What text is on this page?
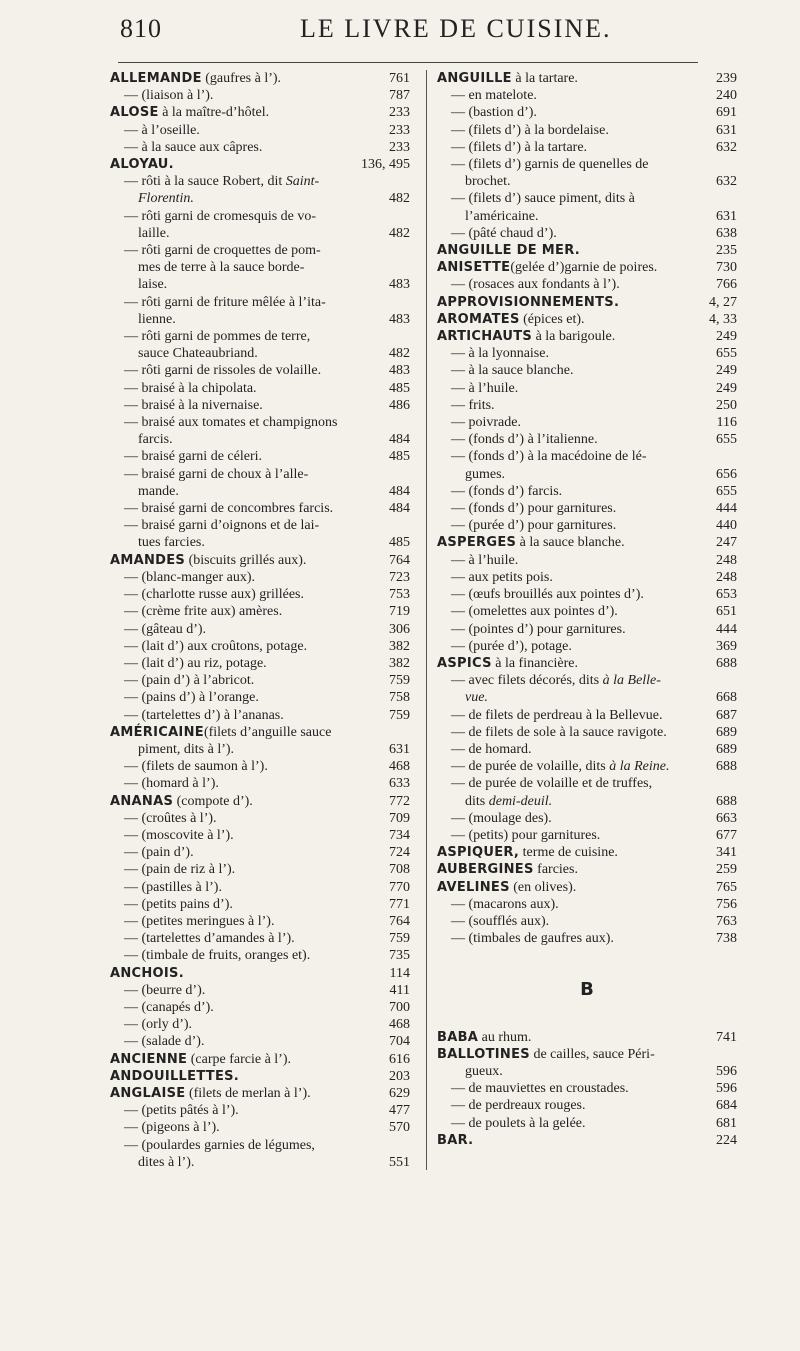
810	LE LIVRE DE CUISINE.
ALLEMANDE (gaufres à l’).	761
— (liaison à l’).	787
ALOSE à la maître-d’hôtel.	233
— à l’oseille.	233
— à la sauce aux câpres.	233
ALOYAU.	136, 495
— rôti à la sauce Robert, dit Saint-
Florentin.	482
— rôti garni de cromesquis de vo-
laille.	482
— rôti garni de croquettes de pom-
mes de terre à la sauce borde-
laise.	483
— rôti garni de friture mêlée à l’ita-
lienne.	483
— rôti garni de pommes de terre,
sauce Chateaubriand.	482
— rôti garni de rissoles de volaille.	483
— braisé à la chipolata.	485
— braisé à la nivernaise.	486
— braisé aux tomates et champignons
farcis.	484
— braisé garni de céleri.	485
— braisé garni de choux à l’alle-
mande.	484
— braisé garni de concombres farcis.	484
— braisé garni d’oignons et de lai-
tues farcies.	485
AMANDES (biscuits grillés aux).	764
— (blanc-manger aux).	723
— (charlotte russe aux) grillées.	753
— (crème frite aux) amères.	719
— (gâteau d’).	306
— (lait d’) aux croûtons, potage.	382
— (lait d’) au riz, potage.	382
— (pain d’) à l’abricot.	759
— (pains d’) à l’orange.	758
— (tartelettes d’) à l’ananas.	759
AMÉRICAINE(filets d’anguille sauce
piment, dits à l’).	631
— (filets de saumon à l’).	468
— (homard à l’).	633
ANANAS (compote d’).	772
— (croûtes à l’).	709
— (moscovite à l’).	734
— (pain d’).	724
— (pain de riz à l’).	708
— (pastilles à l’).	770
— (petits pains d’).	771
— (petites meringues à l’).	764
— (tartelettes d’amandes à l’).	759
— (timbale de fruits, oranges et).	735
ANCHOIS.	114
— (beurre d’).	411
— (canapés d’).	700
— (orly d’).	468
— (salade d’).	704
ANCIENNE (carpe farcie à l’).	616
ANDOUILLETTES.	203
ANGLAISE (filets de merlan à l’).	629
— (petits pâtés à l’).	477
— (pigeons à l’).	570
— (poulardes garnies de légumes,
dites à l’).	551
ANGUILLE à la tartare.	239
— en matelote.	240
— (bastion d’).	691
— (filets d’) à la bordelaise.	631
— (filets d’) à la tartare.	632
— (filets d’) garnis de quenelles de
brochet.	632
— (filets d’) sauce piment, dits à
l’américaine.	631
— (pâté chaud d’).	638
ANGUILLE DE MER.	235
ANISETTE(gelée d’)garnie de poires.	730
— (rosaces aux fondants à l’).	766
APPROVISIONNEMENTS.	4, 27
AROMATES (épices et).	4, 33
ARTICHAUTS à la barigoule.	249
— à la lyonnaise.	655
— à la sauce blanche.	249
— à l’huile.	249
— frits.	250
— poivrade.	116
— (fonds d’) à l’italienne.	655
— (fonds d’) à la macédoine de lé-
gumes.	656
— (fonds d’) farcis.	655
— (fonds d’) pour garnitures.	444
— (purée d’) pour garnitures.	440
ASPERGES à la sauce blanche.	247
— à l’huile.	248
— aux petits pois.	248
— (œufs brouillés aux pointes d’).	653
— (omelettes aux pointes d’).	651
— (pointes d’) pour garnitures.	444
— (purée d’), potage.	369
ASPICS à la financière.	688
— avec filets décorés, dits à la Belle-
vue.	668
— de filets de perdreau à la Bellevue.	687
— de filets de sole à la sauce ravigote.	689
— de homard.	689
— de purée de volaille, dits à la Reine.	688
— de purée de volaille et de truffes,
dits demi-deuil.	688
— (moulage des).	663
— (petits) pour garnitures.	677
ASPIQUER, terme de cuisine.	341
AUBERGINES farcies.	259
AVELINES (en olives).	765
— (macarons aux).	756
— (soufflés aux).	763
— (timbales de gaufres aux).	738
B
BABA au rhum.	741
BALLOTINES de cailles, sauce Péri-
gueux.	596
— de mauviettes en croustades.	596
— de perdreaux rouges.	684
— de poulets à la gelée.	681
BAR.	224
